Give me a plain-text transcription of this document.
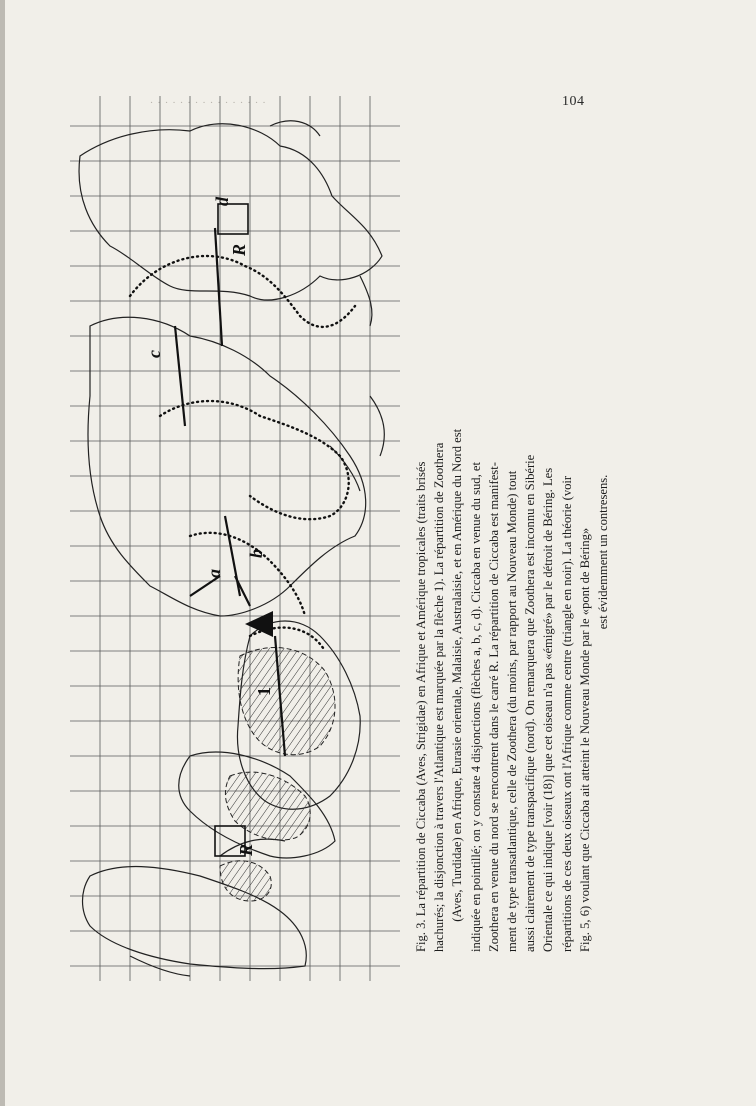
· · · · · · · · · · · · · · · ·	104
d
R
c
b
a
1
R	Fig. 3. La répartition de Ciccaba (Aves, Strigidae) en Afrique et Amérique tropicales (traits brisés hachurés; la disjonction à travers l'Atlantique est marquée par la flèche 1). La répartition de Zoothera (Aves, Turdidae) en Afrique, Eurasie orientale, Malaisie, Australaisie, et en Amérique du Nord est indiquée en pointillé; on y constate 4 disjonctions (flèches a, b, c, d). Ciccaba en venue du sud, et Zoothera en venue du nord se rencontrent dans le carré R. La répartition de Ciccaba est manifest- ment de type transatlantique, celle de Zoothera (du moins, par rapport au Nouveau Monde) tout aussi clairement de type transpacifique (nord). On remarquera que Zoothera est inconnu en Sibérie Orientale ce qui indique [voir (18)] que cet oiseau n'a pas «émigré» par le détroit de Béring. Les répartitions de ces deux oiseaux ont l'Afrique comme centre (triangle en noir). La théorie (voir Fig. 5, 6) voulant que Ciccaba ait atteint le Nouveau Monde par le «pont de Béring» est évidemment un contresens.
